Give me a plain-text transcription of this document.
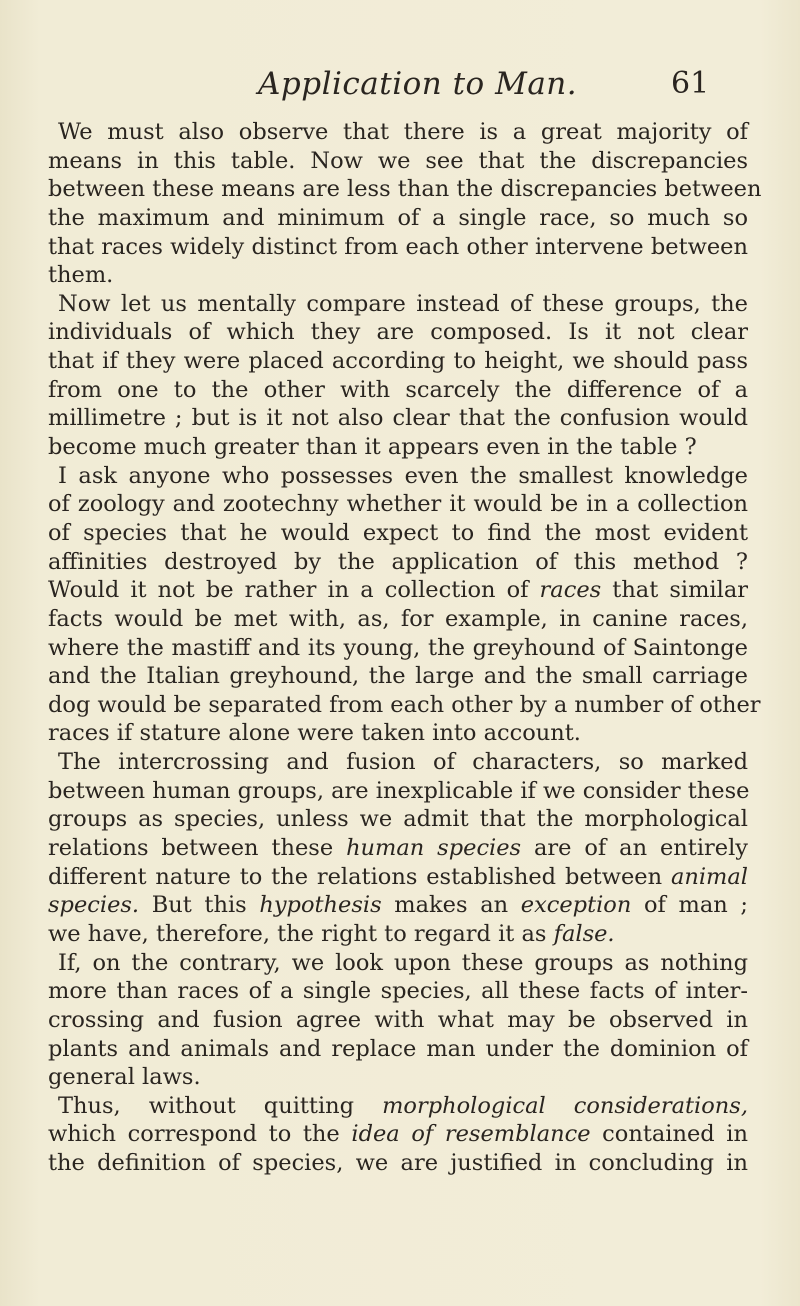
Application to Man.	61
We must also observe that there is a great majority of
means in this table. Now we see that the discrepancies
between these means are less than the discrepancies between
the maximum and minimum of a single race, so much so
that races widely distinct from each other intervene between
them.
Now let us mentally compare instead of these groups, the
individuals of which they are composed. Is it not clear
that if they were placed according to height, we should pass
from one to the other with scarcely the difference of a
millimetre ; but is it not also clear that the confusion would
become much greater than it appears even in the table ?
I ask anyone who possesses even the smallest knowledge
of zoology and zootechny whether it would be in a collection
of species that he would expect to find the most evident
affinities destroyed by the application of this method ?
Would it not be rather in a collection of races that similar
facts would be met with, as, for example, in canine races,
where the mastiff and its young, the greyhound of Saintonge
and the Italian greyhound, the large and the small carriage
dog would be separated from each other by a number of other
races if stature alone were taken into account.
The intercrossing and fusion of characters, so marked
between human groups, are inexplicable if we consider these
groups as species, unless we admit that the morphological
relations between these human species are of an entirely
different nature to the relations established between animal
species. But this hypothesis makes an exception of man ;
we have, therefore, the right to regard it as false.
If, on the contrary, we look upon these groups as nothing
more than races of a single species, all these facts of inter-
crossing and fusion agree with what may be observed in
plants and animals and replace man under the dominion of
general laws.
Thus, without quitting morphological considerations,
which correspond to the idea of resemblance contained in
the definition of species, we are justified in concluding in
